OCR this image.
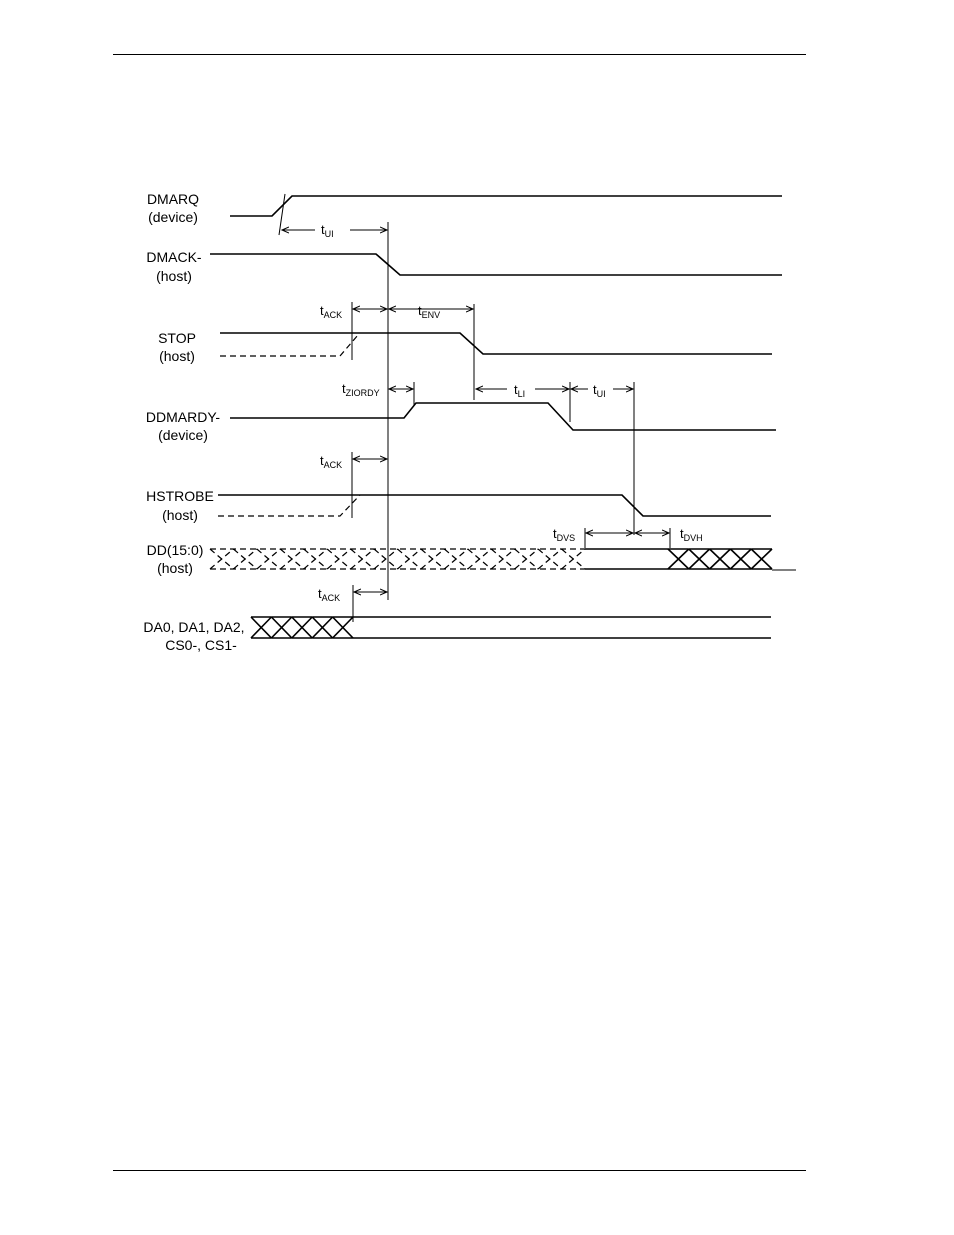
DMARQ
(device)
DMACK-
(host)
STOP
(host)
DDMARDY-
(device)
HSTROBE
(host)
DD(15:0)
(host)
DA0, DA1, DA2,
CS0-, CS1-
$t_{UI}$
$t_{ACK}$	$t_{ENV}$
$t_{ZIORDY}$	$t_{LI}$	$t_{UI}$
$t_{ACK}$
$t_{DVS}$	$t_{DVH}$
$t_{ACK}$
